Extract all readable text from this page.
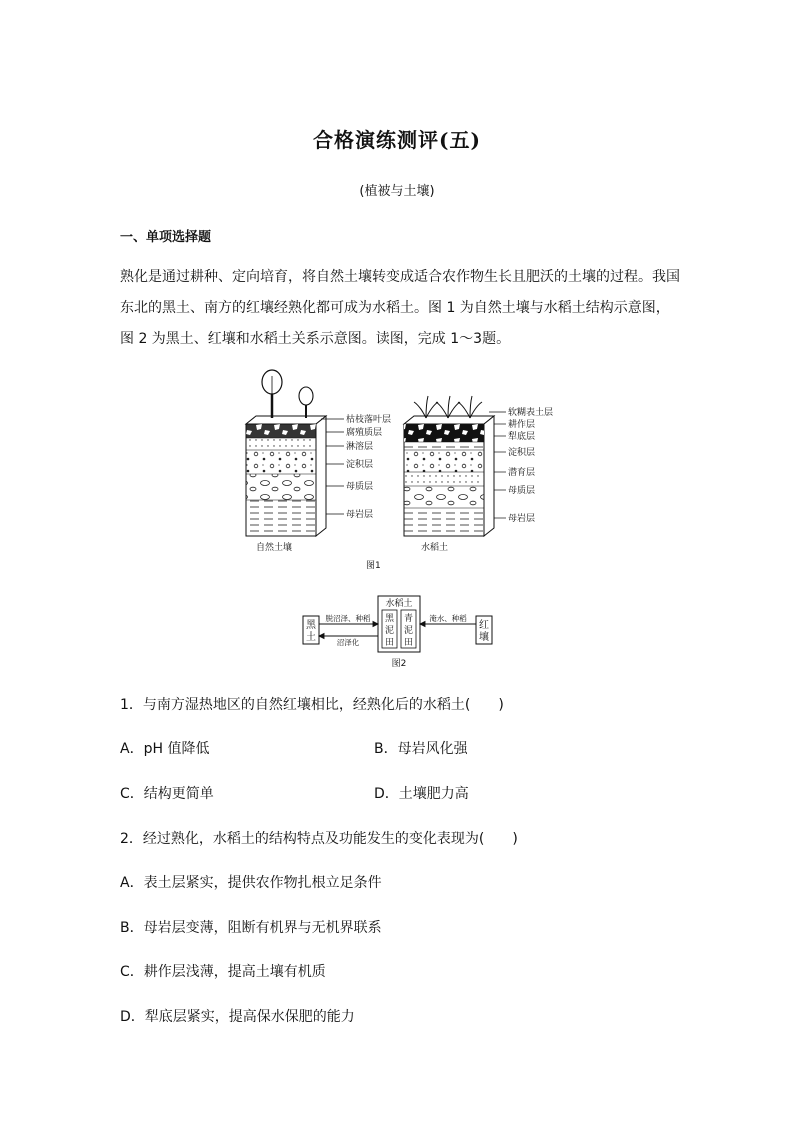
合格演练测评(五)
(植被与土壤)
一、单项选择题

熟化是通过耕种、定向培育，将自然土壤转变成适合农作物生长且肥沃的土壤的过程。我国

东北的黑土、南方的红壤经熟化都可成为水稻土。图 1 为自然土壤与水稻土结构示意图，

图 2 为黑土、红壤和水稻土关系示意图。读图，完成 1～3题。

枯枝落叶层
腐殖质层
淋溶层
淀积层
母质层
母岩层
自然土壤
软糊表土层
耕作层
犁底层
淀积层
潜育层
母质层
母岩层
水稻土
图1
黑
土
红
壤
水稻土
黑
泥
田
青
泥
田
脱沼泽、种稻
沼泽化
淹水、种稻
图2
1．与南方湿热地区的自然红壤相比，经熟化后的水稻土(　　)
A．pH 值降低	B．母岩风化强
C．结构更简单	D．土壤肥力高
2．经过熟化，水稻土的结构特点及功能发生的变化表现为(　　)
A．表土层紧实，提供农作物扎根立足条件
B．母岩层变薄，阻断有机界与无机界联系
C．耕作层浅薄，提高土壤有机质
D．犁底层紧实，提高保水保肥的能力
